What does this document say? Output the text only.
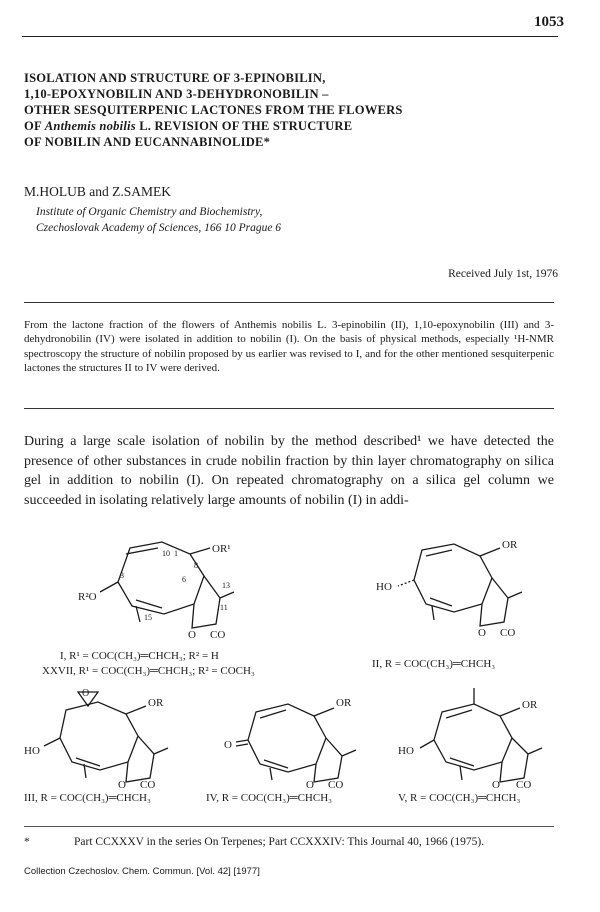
1053
ISOLATION AND STRUCTURE OF 3-EPINOBILIN,
1,10-EPOXYNOBILIN AND 3-DEHYDRONOBILIN –
OTHER SESQUITERPENIC LACTONES FROM THE FLOWERS
OF Anthemis nobilis L. REVISION OF THE STRUCTURE
OF NOBILIN AND EUCANNABINOLIDE*
M.HOLUB and Z.SAMEK
Institute of Organic Chemistry and Biochemistry,
Czechoslovak Academy of Sciences, 166 10 Prague 6
Received July 1st, 1976
From the lactone fraction of the flowers of Anthemis nobilis L. 3-epinobilin (II), 1,10-epoxynobilin (III) and 3-dehydronobilin (IV) were isolated in addition to nobilin (I). On the basis of physical methods, especially ¹H-NMR spectroscopy the structure of nobilin proposed by us earlier was revised to I, and for the other mentioned sesquiterpenic lactones the structures II to IV were derived.
During a large scale isolation of nobilin by the method described¹ we have detected the presence of other substances in crude nobilin fraction by thin layer chromatography on silica gel in addition to nobilin (I). On repeated chromatography on a silica gel column we succeeded in isolating relatively large amounts of nobilin (I) in addi-
10 1
6
8
3
13
11
15
OR¹
R²O
O CO
I, R¹ = COC(CH₃)═CHCH₃; R² = H
XXVII, R¹ = COC(CH₃)═CHCH₃; R² = COCH₃
OR
HO
O CO
II, R = COC(CH₃)═CHCH₃
O
OR
HO
O CO
III, R = COC(CH₃)═CHCH₃
OR
O
O CO
IV, R = COC(CH₃)═CHCH₃
OR
HO
O CO
V, R = COC(CH₃)═CHCH₃
*	Part CCXXXV in the series On Terpenes; Part CCXXXIV: This Journal 40, 1966 (1975).
Collection Czechoslov. Chem. Commun. [Vol. 42] [1977]
